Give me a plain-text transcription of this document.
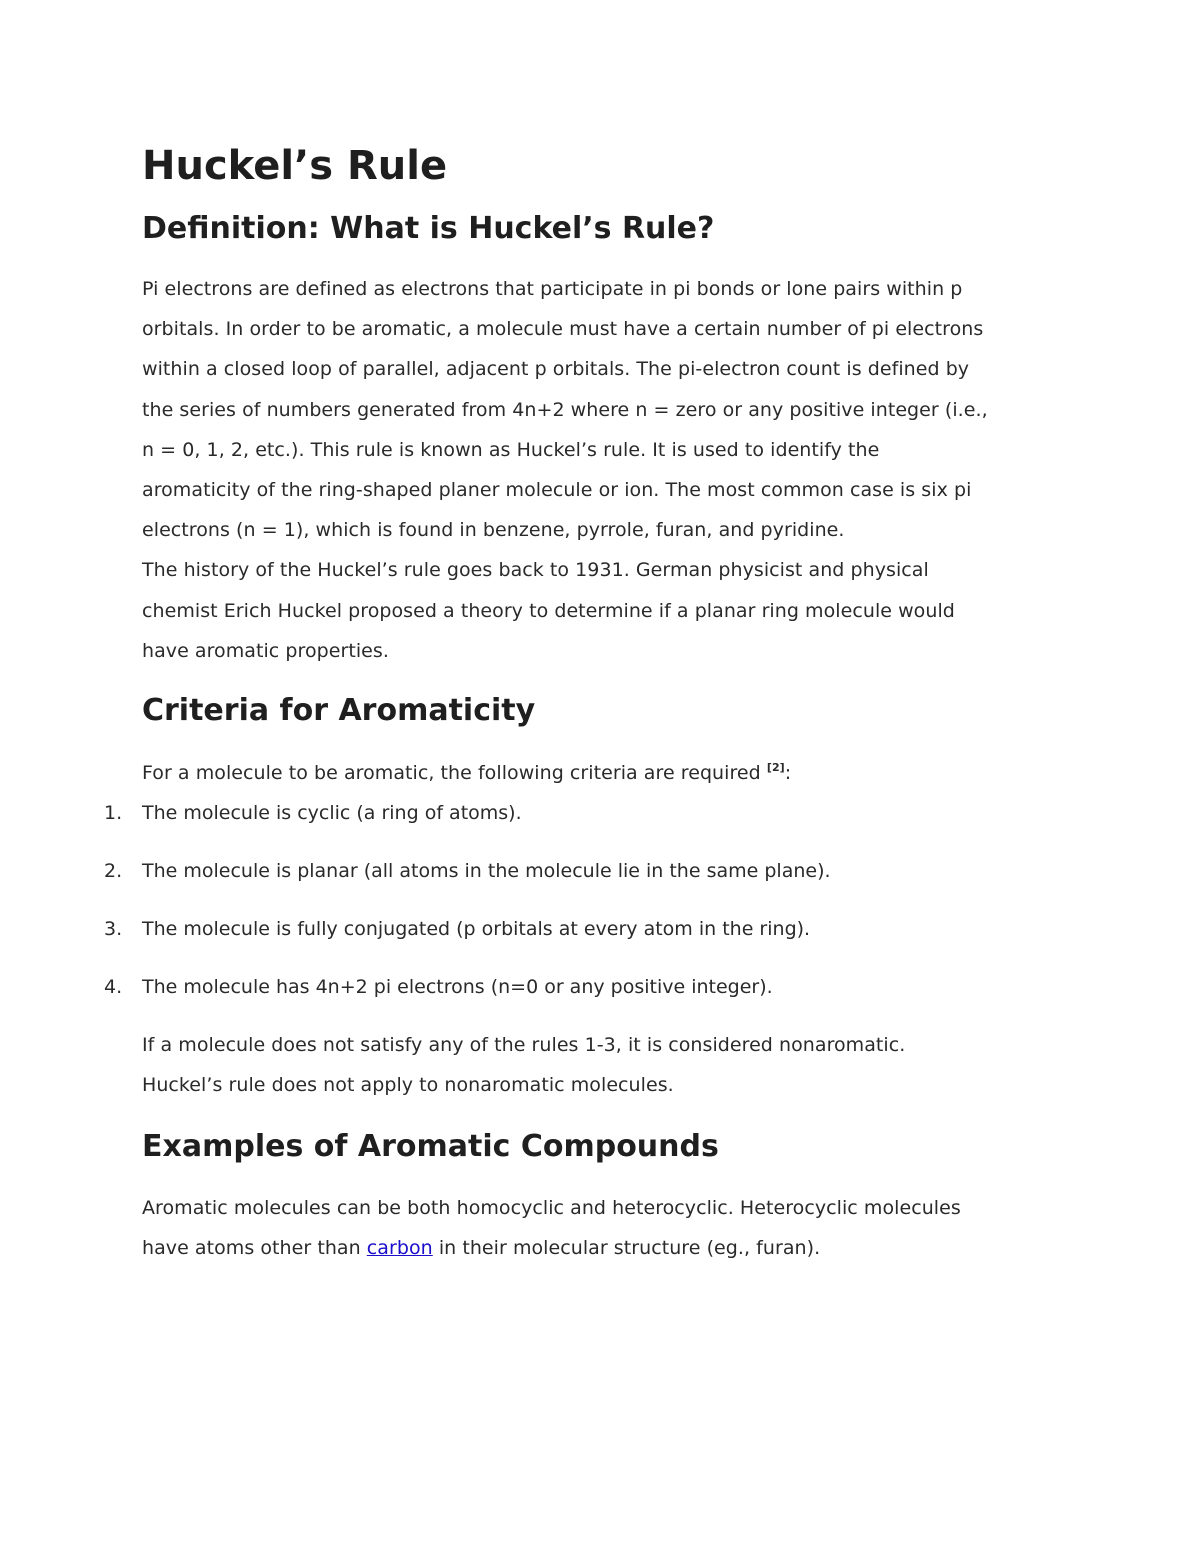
Huckel’s Rule
Definition: What is Huckel’s Rule?

Pi electrons are defined as electrons that participate in pi bonds or lone pairs within p
orbitals. In order to be aromatic, a molecule must have a certain number of pi electrons
within a closed loop of parallel, adjacent p orbitals. The pi-electron count is defined by
the series of numbers generated from 4n+2 where n = zero or any positive integer (i.e.,
n = 0, 1, 2, etc.). This rule is known as Huckel’s rule. It is used to identify the
aromaticity of the ring-shaped planer molecule or ion. The most common case is six pi
electrons (n = 1), which is found in benzene, pyrrole, furan, and pyridine.

The history of the Huckel’s rule goes back to 1931. German physicist and physical
chemist Erich Huckel proposed a theory to determine if a planar ring molecule would
have aromatic properties.

Criteria for Aromaticity

For a molecule to be aromatic, the following criteria are required [2]:

1. The molecule is cyclic (a ring of atoms).
2. The molecule is planar (all atoms in the molecule lie in the same plane).
3. The molecule is fully conjugated (p orbitals at every atom in the ring).
4. The molecule has 4n+2 pi electrons (n=0 or any positive integer).

If a molecule does not satisfy any of the rules 1-3, it is considered nonaromatic.
Huckel’s rule does not apply to nonaromatic molecules.

Examples of Aromatic Compounds

Aromatic molecules can be both homocyclic and heterocyclic. Heterocyclic molecules
have atoms other than carbon in their molecular structure (eg., furan).
